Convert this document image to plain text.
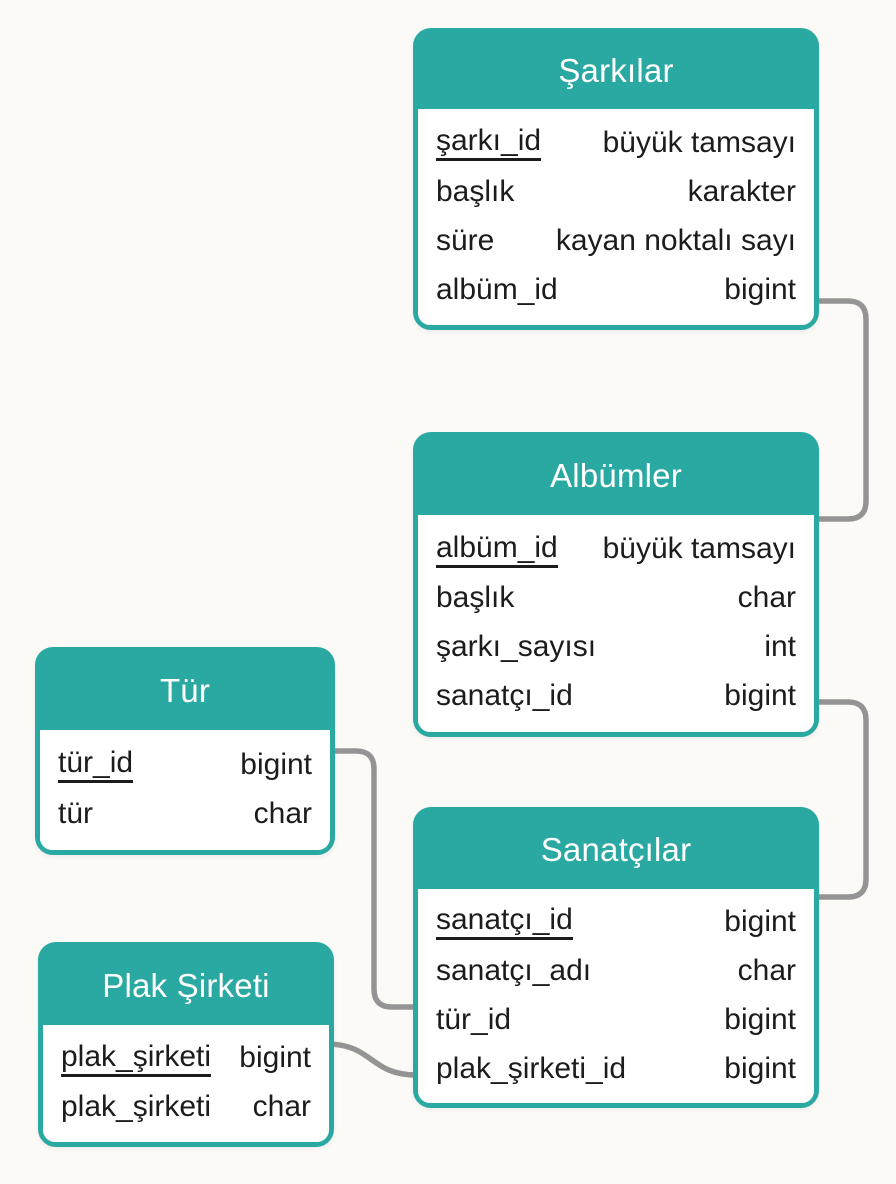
Şarkılar
şarkı_id büyük tamsayı
başlık	karakter
süre kayan noktalı sayı
albüm_id	bigint
Albümler
albüm_id büyük tamsayı
başlık	char
şarkı_sayısı	int
sanatçı_id	bigint
Tür
tür_id	bigint
tür	char
Sanatçılar
sanatçı_id	bigint
sanatçı_adı	char
tür_id	bigint
plak_şirketi_id	bigint
Plak Şirketi
plak_şirketi bigint
plak_şirketi char
